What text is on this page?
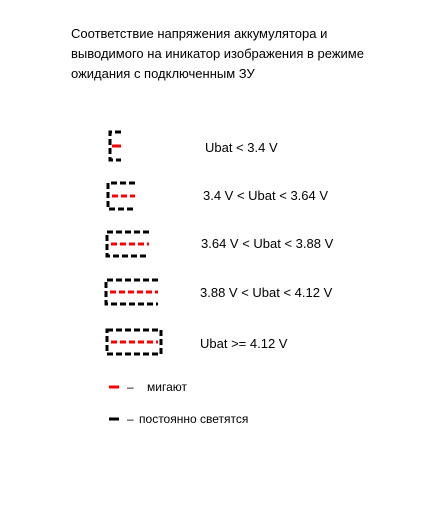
Соответствие напряжения аккумулятора и
выводимого на иникатор изображения в режиме
ожидания с подключенным ЗУ
Ubat < 3.4 V
3.4 V < Ubat < 3.64 V
3.64 V < Ubat < 3.88 V
3.88 V < Ubat < 4.12 V
Ubat >= 4.12 V
– мигают
– постоянно светятся
